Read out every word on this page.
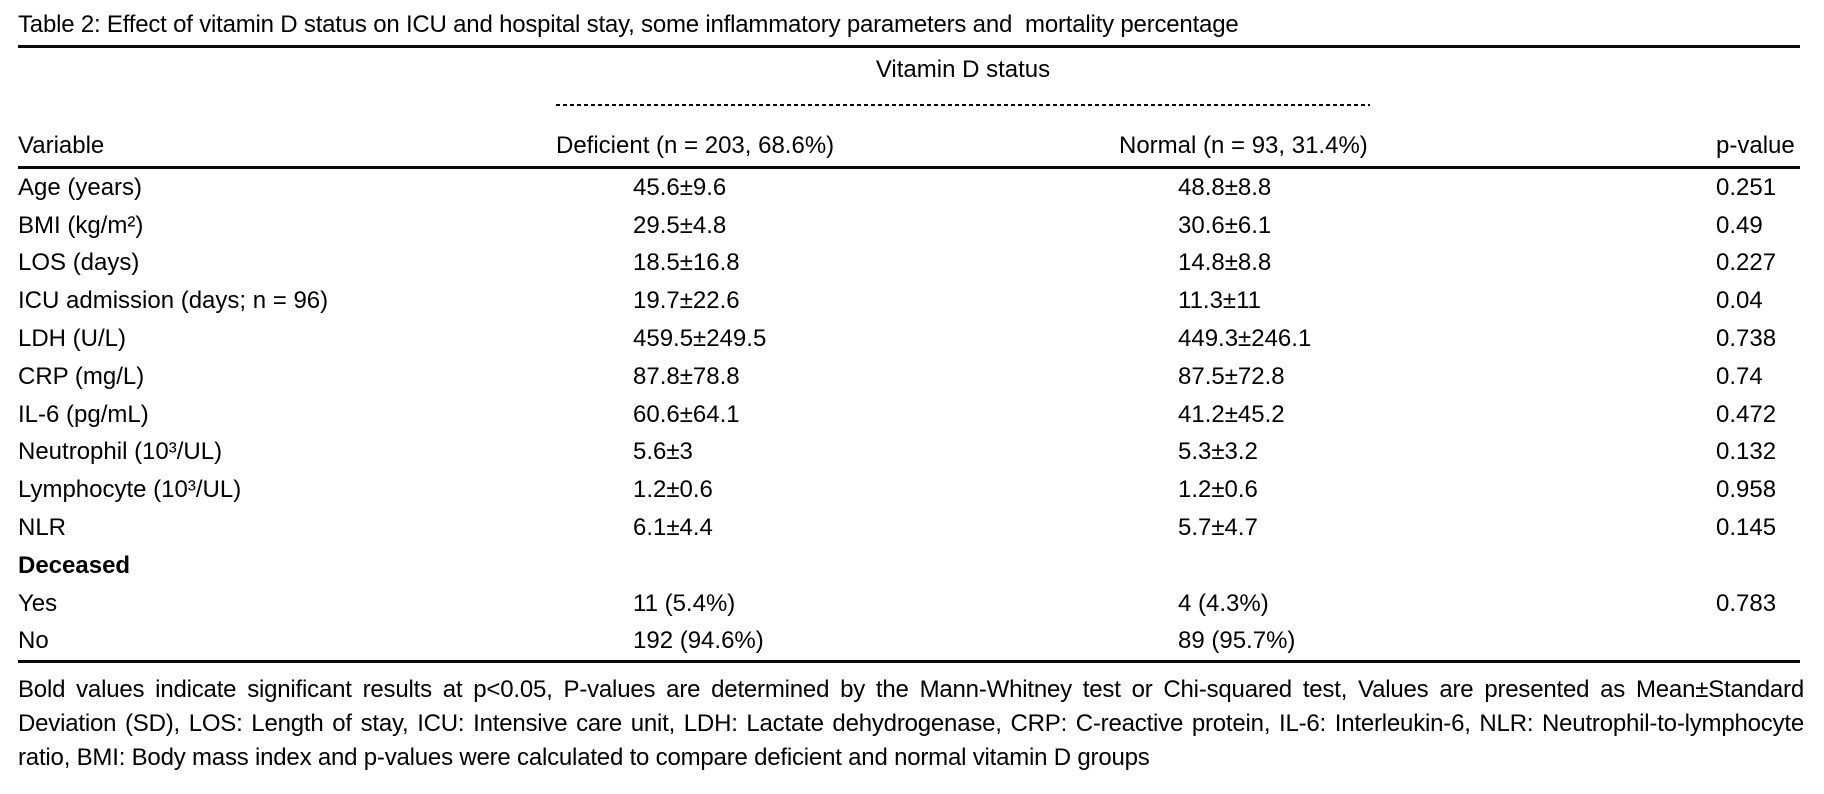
Table 2: Effect of vitamin D status on ICU and hospital stay, some inflammatory parameters and  mortality percentage
Vitamin D status
Variable	Deficient (n = 203, 68.6%)	Normal (n = 93, 31.4%)	p-value
Age (years)	45.6±9.6	48.8±8.8	0.251
BMI (kg/m²)	29.5±4.8	30.6±6.1	0.49
LOS (days)	18.5±16.8	14.8±8.8	0.227
ICU admission (days; n = 96)	19.7±22.6	11.3±11	0.04
LDH (U/L)	459.5±249.5	449.3±246.1	0.738
CRP (mg/L)	87.8±78.8	87.5±72.8	0.74
IL-6 (pg/mL)	60.6±64.1	41.2±45.2	0.472
Neutrophil (10³/UL)	5.6±3	5.3±3.2	0.132
Lymphocyte (10³/UL)	1.2±0.6	1.2±0.6	0.958
NLR	6.1±4.4	5.7±4.7	0.145
Deceased
Yes	11 (5.4%)	4 (4.3%)	0.783
No	192 (94.6%)	89 (95.7%)
Bold values indicate significant results at p<0.05, P-values are determined by the Mann-Whitney test or Chi-squared test, Values are presented as Mean±Standard Deviation (SD), LOS: Length of stay, ICU: Intensive care unit, LDH: Lactate dehydrogenase, CRP: C-reactive protein, IL-6: Interleukin-6, NLR: Neutrophil-to-lymphocyte ratio, BMI: Body mass index and p-values were calculated to compare deficient and normal vitamin D groups
